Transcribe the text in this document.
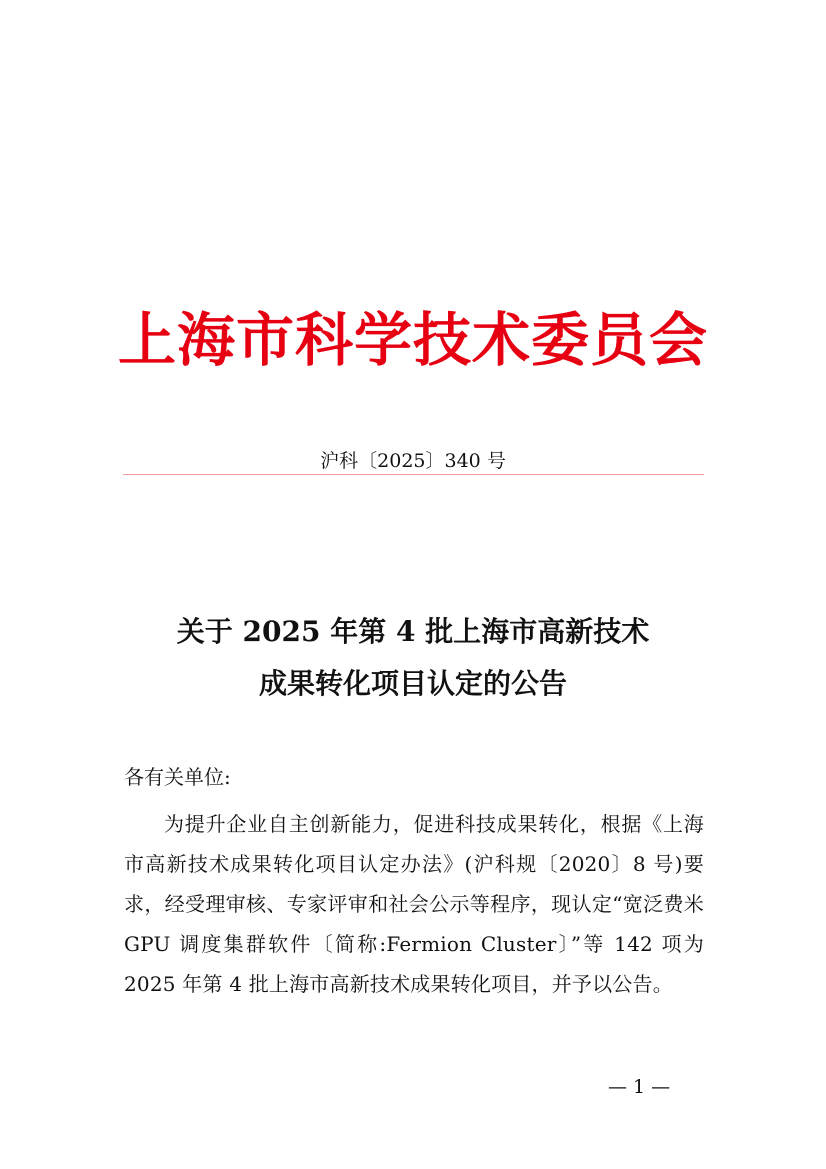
上海市科学技术委员会
沪科〔2025〕340 号
关于 2025 年第 4 批上海市高新技术
成果转化项目认定的公告
各有关单位:
为提升企业自主创新能力，促进科技成果转化，根据《上海市高新技术成果转化项目认定办法》(沪科规〔2020〕8 号)要求，经受理审核、专家评审和社会公示等程序，现认定“宽泛费米 GPU 调度集群软件〔简称:Fermion Cluster〕”等 142 项为 2025 年第 4 批上海市高新技术成果转化项目，并予以公告。
— 1 —
